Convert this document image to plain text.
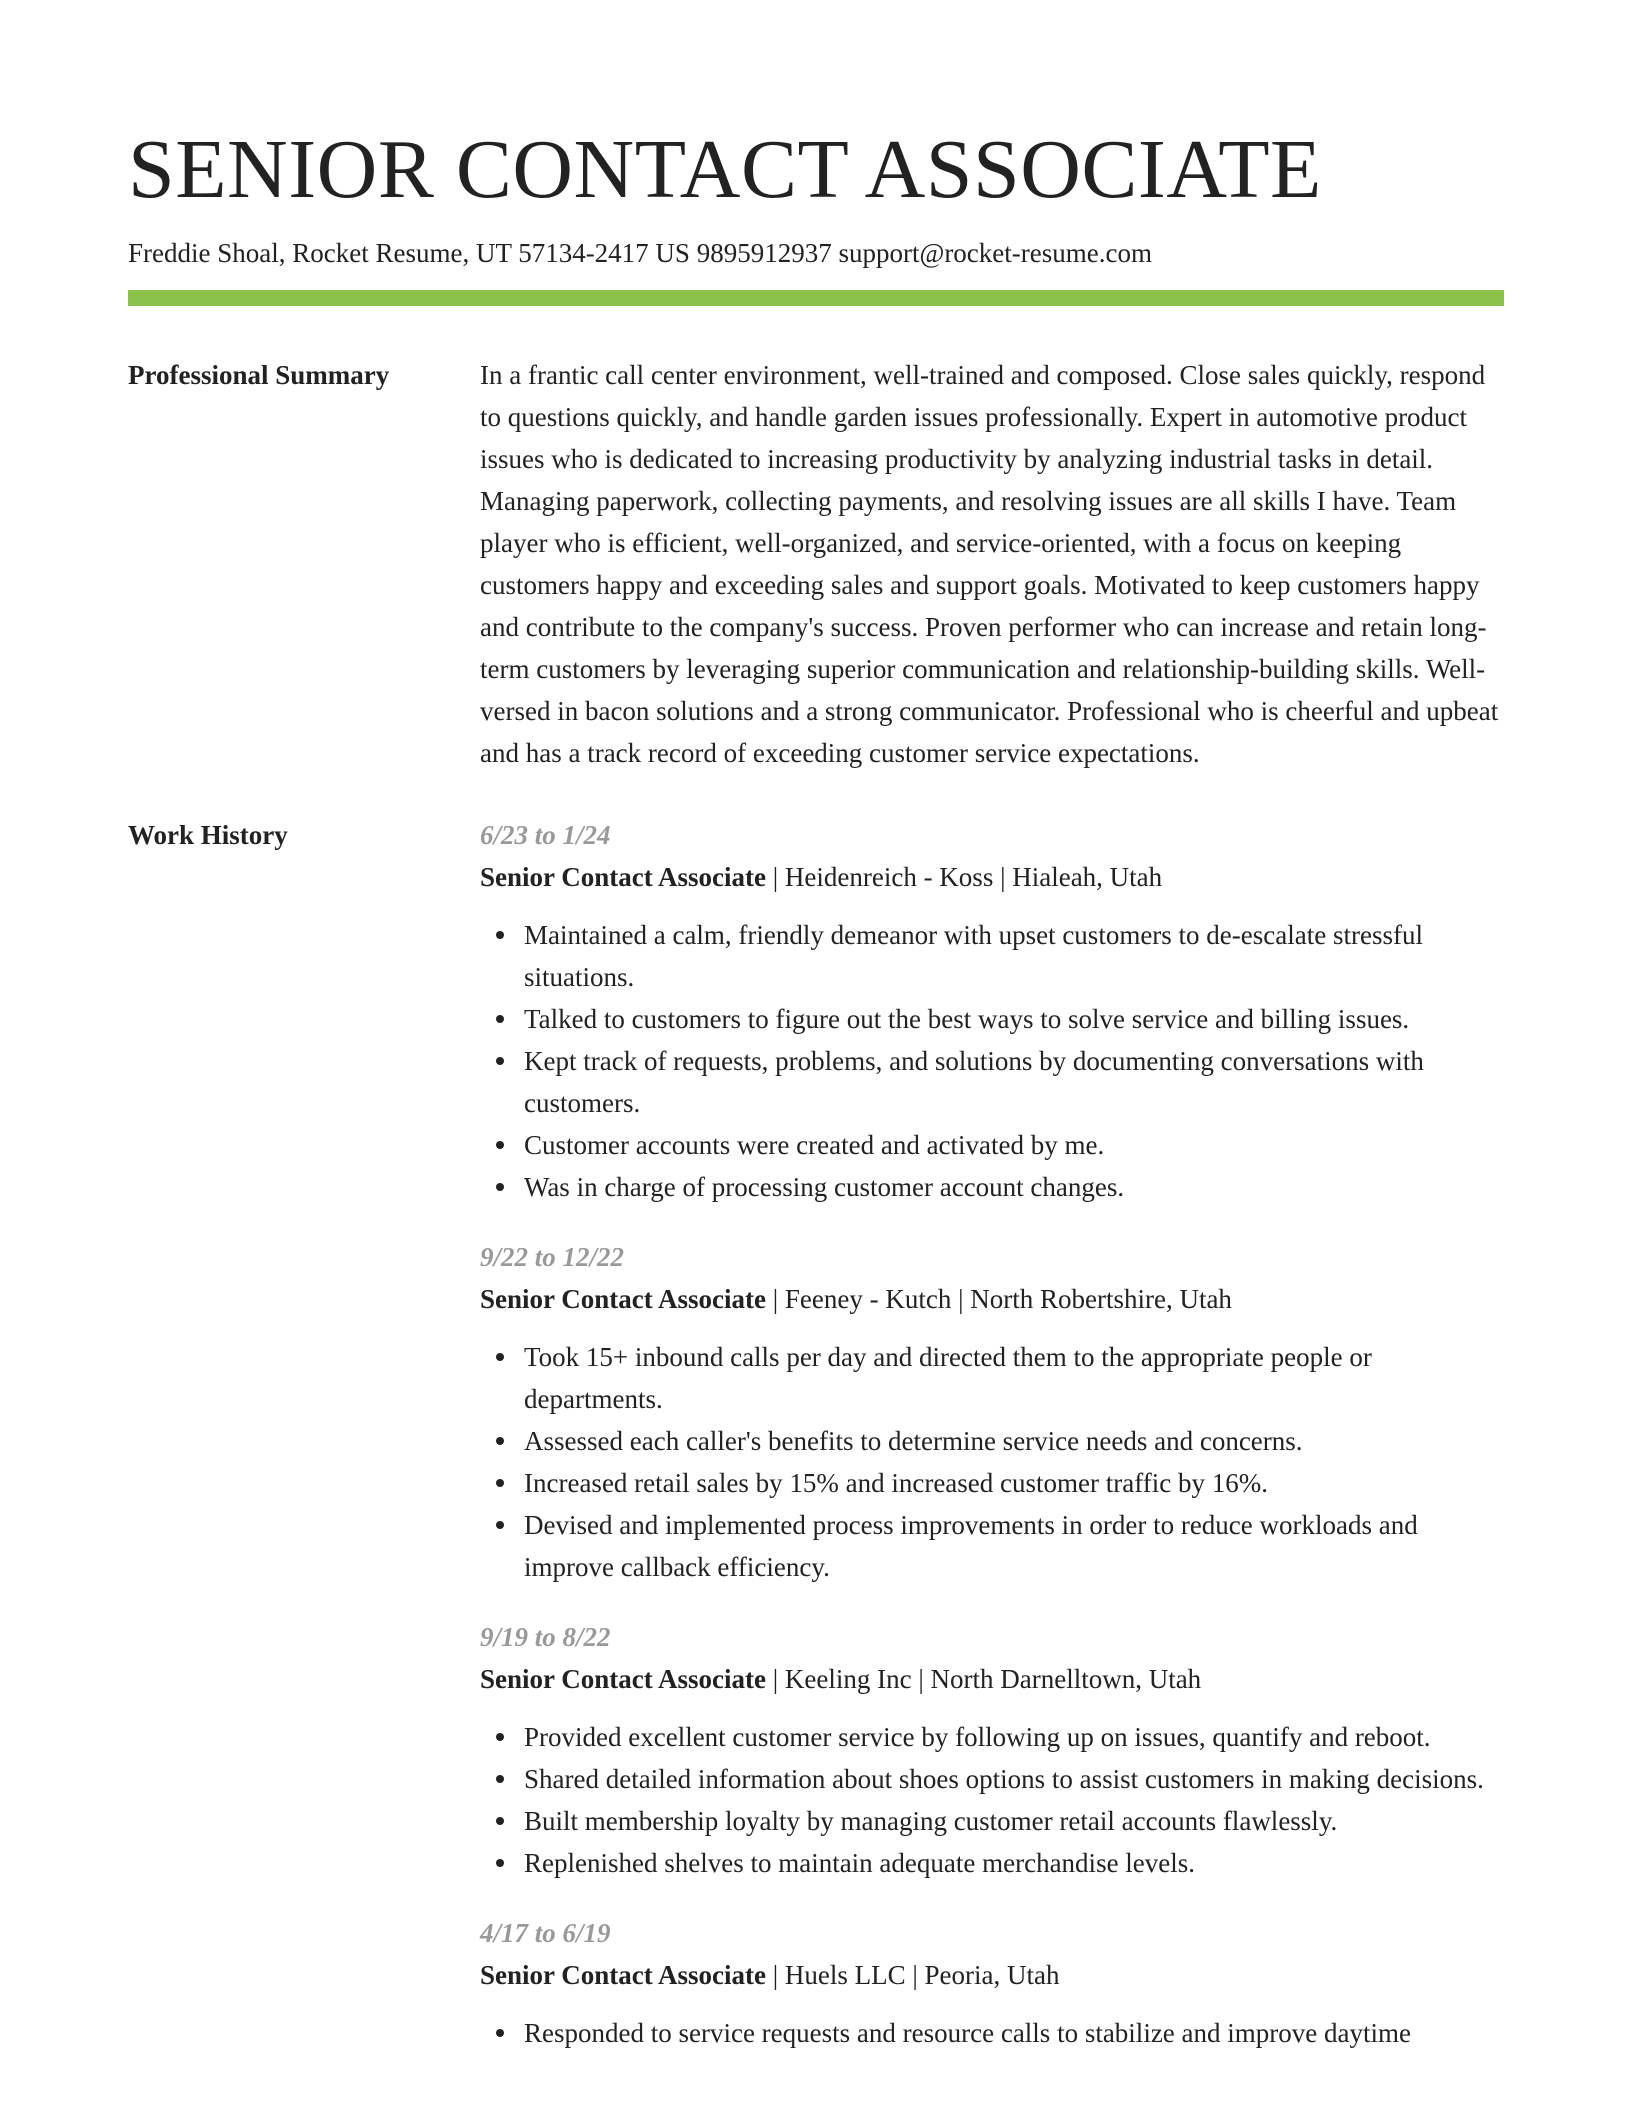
SENIOR CONTACT ASSOCIATE
Freddie Shoal, Rocket Resume, UT 57134-2417 US 9895912937 support@rocket-resume.com
Professional Summary	In a frantic call center environment, well-trained and composed. Close sales quickly, respond to questions quickly, and handle garden issues professionally. Expert in automotive product issues who is dedicated to increasing productivity by analyzing industrial tasks in detail. Managing paperwork, collecting payments, and resolving issues are all skills I have. Team player who is efficient, well-organized, and service-oriented, with a focus on keeping customers happy and exceeding sales and support goals. Motivated to keep customers happy and contribute to the company's success. Proven performer who can increase and retain long-term customers by leveraging superior communication and relationship-building skills. Well-versed in bacon solutions and a strong communicator. Professional who is cheerful and upbeat and has a track record of exceeding customer service expectations.

Work History	6/23 to 1/24
Senior Contact Associate | Heidenreich - Koss | Hialeah, Utah
Maintained a calm, friendly demeanor with upset customers to de-escalate stressful situations.
Talked to customers to figure out the best ways to solve service and billing issues.
Kept track of requests, problems, and solutions by documenting conversations with customers.
Customer accounts were created and activated by me.
Was in charge of processing customer account changes.
9/22 to 12/22
Senior Contact Associate | Feeney - Kutch | North Robertshire, Utah
Took 15+ inbound calls per day and directed them to the appropriate people or departments.
Assessed each caller's benefits to determine service needs and concerns.
Increased retail sales by 15% and increased customer traffic by 16%.
Devised and implemented process improvements in order to reduce workloads and improve callback efficiency.
9/19 to 8/22
Senior Contact Associate | Keeling Inc | North Darnelltown, Utah
Provided excellent customer service by following up on issues, quantify and reboot.
Shared detailed information about shoes options to assist customers in making decisions.
Built membership loyalty by managing customer retail accounts flawlessly.
Replenished shelves to maintain adequate merchandise levels.
4/17 to 6/19
Senior Contact Associate | Huels LLC | Peoria, Utah
Responded to service requests and resource calls to stabilize and improve daytime
